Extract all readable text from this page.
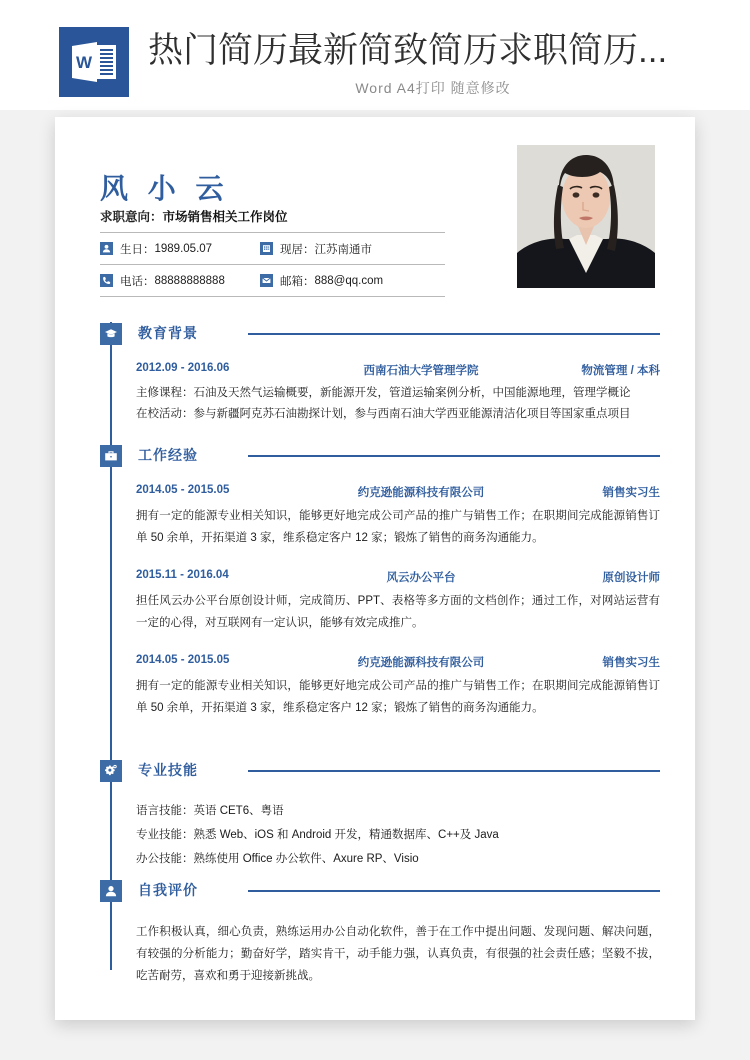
W 热门简历最新简致简历求职简历...
Word A4打印 随意修改
风 小 云
求职意向：市场销售相关工作岗位
生日： 1989.05.07	现居： 江苏南通市
电话： 88888888888	邮箱： 888@qq.com
教育背景
2012.09 - 2016.06	西南石油大学管理学院	物流管理 / 本科
主修课程：石油及天然气运输概要，新能源开发，管道运输案例分析，中国能源地理，管理学概论
在校活动：参与新疆阿克苏石油勘探计划，参与西南石油大学西亚能源清洁化项目等国家重点项目
工作经验
2014.05 - 2015.05	约克逊能源科技有限公司	销售实习生
拥有一定的能源专业相关知识，能够更好地完成公司产品的推广与销售工作；在职期间完成能源销售订单 50 余单，开拓渠道 3 家，维系稳定客户 12 家；锻炼了销售的商务沟通能力。
2015.11 - 2016.04	风云办公平台	原创设计师
担任风云办公平台原创设计师，完成简历、PPT、表格等多方面的文档创作；通过工作，对网站运营有一定的心得，对互联网有一定认识，能够有效完成推广。
2014.05 - 2015.05	约克逊能源科技有限公司	销售实习生
拥有一定的能源专业相关知识，能够更好地完成公司产品的推广与销售工作；在职期间完成能源销售订单 50 余单，开拓渠道 3 家，维系稳定客户 12 家；锻炼了销售的商务沟通能力。
专业技能
语言技能：英语 CET6、粤语
专业技能：熟悉 Web、iOS 和 Android 开发，精通数据库、C++及 Java
办公技能：熟练使用 Office 办公软件、Axure RP、Visio
自我评价
工作积极认真，细心负责，熟练运用办公自动化软件，善于在工作中提出问题、发现问题、解决问题，有较强的分析能力；勤奋好学，踏实肯干，动手能力强，认真负责，有很强的社会责任感；坚毅不拔，吃苦耐劳，喜欢和勇于迎接新挑战。
